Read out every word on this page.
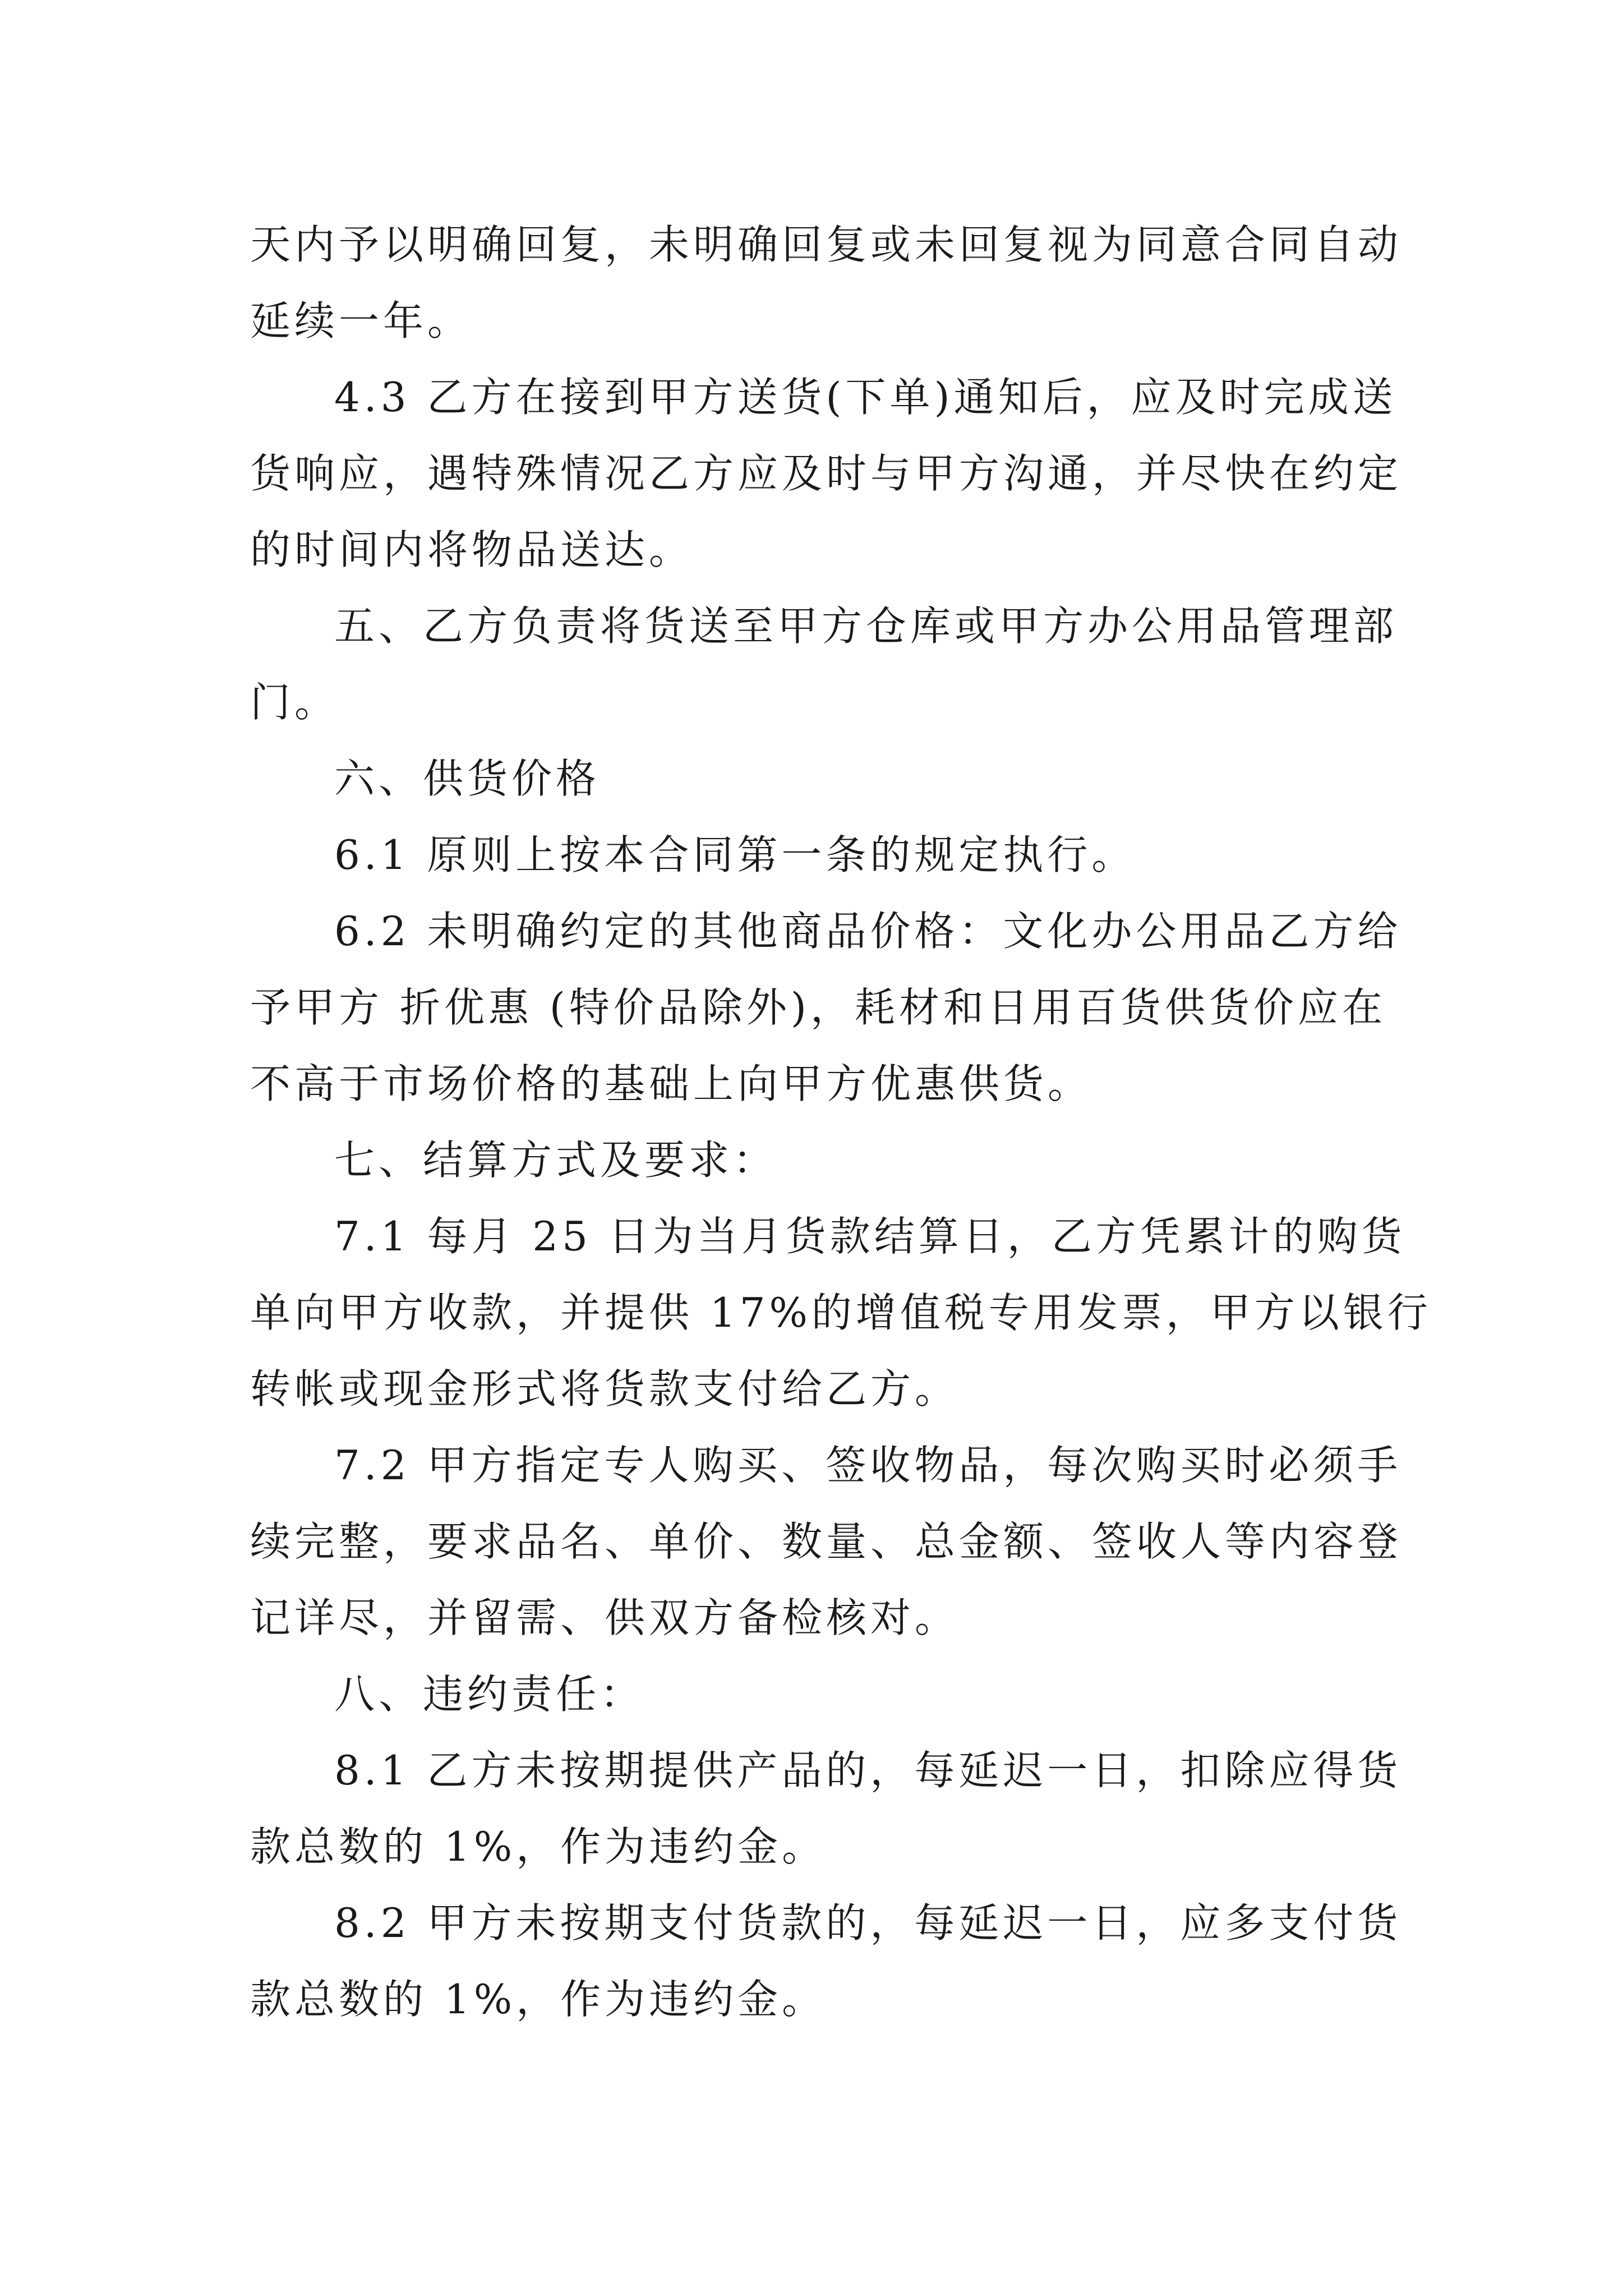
天内予以明确回复，未明确回复或未回复视为同意合同自动
延续一年。
4.3 乙方在接到甲方送货(下单)通知后，应及时完成送
货响应，遇特殊情况乙方应及时与甲方沟通，并尽快在约定
的时间内将物品送达。
五、乙方负责将货送至甲方仓库或甲方办公用品管理部
门。
六、供货价格
6.1 原则上按本合同第一条的规定执行。
6.2 未明确约定的其他商品价格：文化办公用品乙方给
予甲方 折优惠 (特价品除外)，耗材和日用百货供货价应在
不高于市场价格的基础上向甲方优惠供货。
七、结算方式及要求：
7.1 每月 25 日为当月货款结算日，乙方凭累计的购货
单向甲方收款，并提供 17%的增值税专用发票，甲方以银行
转帐或现金形式将货款支付给乙方。
7.2 甲方指定专人购买、签收物品，每次购买时必须手
续完整，要求品名、单价、数量、总金额、签收人等内容登
记详尽，并留需、供双方备检核对。
八、违约责任：
8.1 乙方未按期提供产品的，每延迟一日，扣除应得货
款总数的 1%，作为违约金。
8.2 甲方未按期支付货款的，每延迟一日，应多支付货
款总数的 1%，作为违约金。
